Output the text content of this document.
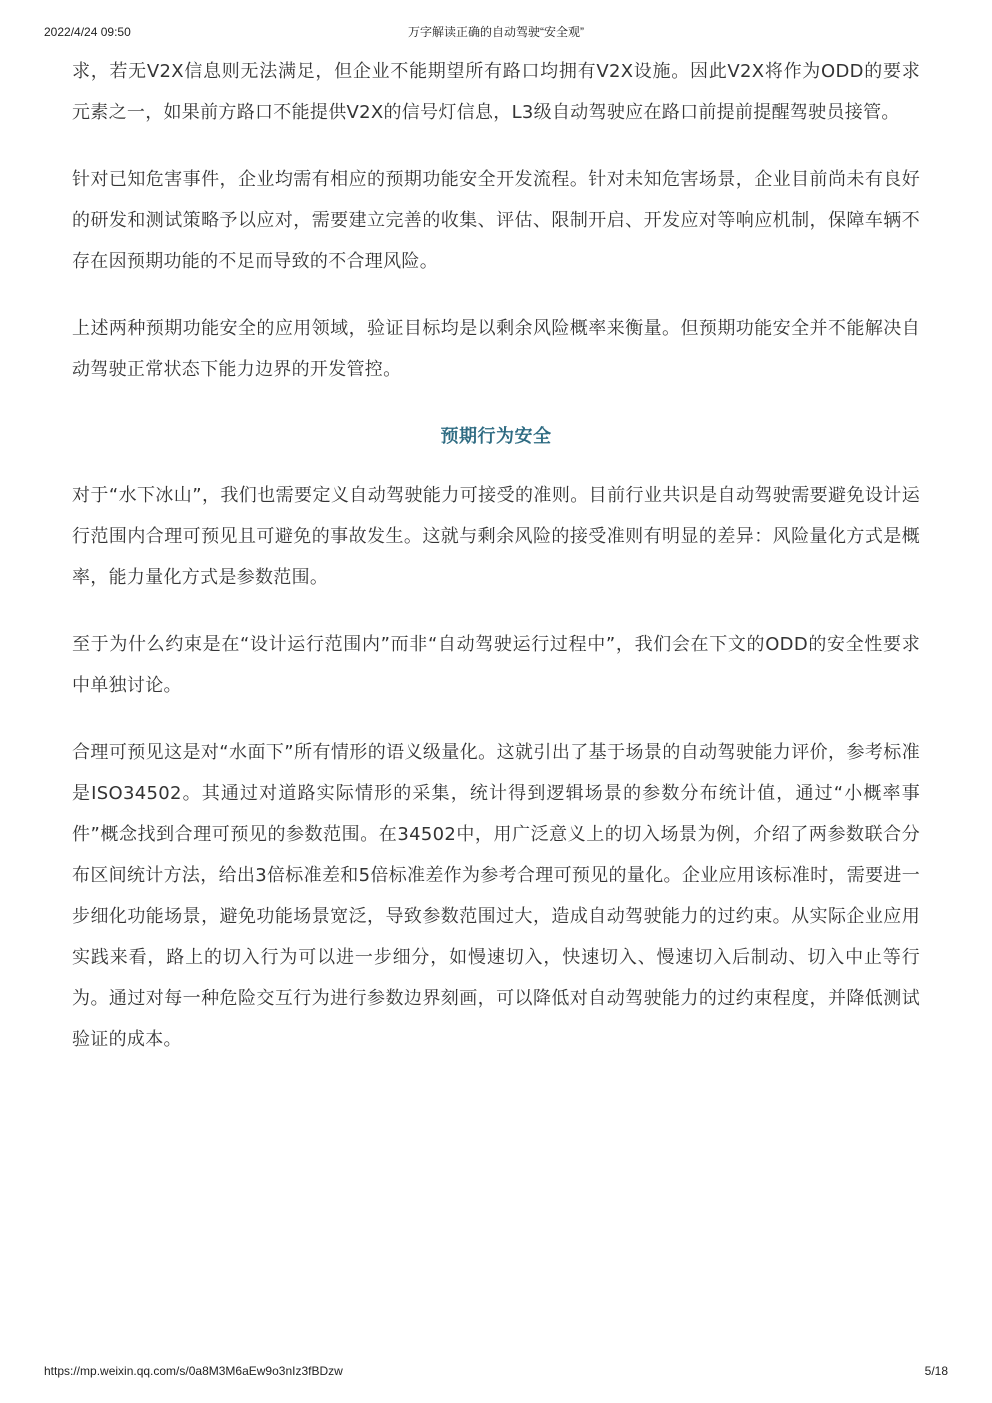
2022/4/24 09:50	万字解读正确的自动驾驶“安全观”

求，若无V2X信息则无法满足，但企业不能期望所有路口均拥有V2X设施。因此V2X将作为ODD的要求元素之一，如果前方路口不能提供V2X的信号灯信息，L3级自动驾驶应在路口前提前提醒驾驶员接管。

针对已知危害事件，企业均需有相应的预期功能安全开发流程。针对未知危害场景，企业目前尚未有良好的研发和测试策略予以应对，需要建立完善的收集、评估、限制开启、开发应对等响应机制，保障车辆不存在因预期功能的不足而导致的不合理风险。

上述两种预期功能安全的应用领域，验证目标均是以剩余风险概率来衡量。但预期功能安全并不能解决自动驾驶正常状态下能力边界的开发管控。

预期行为安全

对于“水下冰山”，我们也需要定义自动驾驶能力可接受的准则。目前行业共识是自动驾驶需要避免设计运行范围内合理可预见且可避免的事故发生。这就与剩余风险的接受准则有明显的差异：风险量化方式是概率，能力量化方式是参数范围。

至于为什么约束是在“设计运行范围内”而非“自动驾驶运行过程中”，我们会在下文的ODD的安全性要求中单独讨论。

合理可预见这是对“水面下”所有情形的语义级量化。这就引出了基于场景的自动驾驶能力评价，参考标准是ISO34502。其通过对道路实际情形的采集，统计得到逻辑场景的参数分布统计值，通过“小概率事件”概念找到合理可预见的参数范围。在34502中，用广泛意义上的切入场景为例，介绍了两参数联合分布区间统计方法，给出3倍标准差和5倍标准差作为参考合理可预见的量化。企业应用该标准时，需要进一步细化功能场景，避免功能场景宽泛，导致参数范围过大，造成自动驾驶能力的过约束。从实际企业应用实践来看，路上的切入行为可以进一步细分，如慢速切入，快速切入、慢速切入后制动、切入中止等行为。通过对每一种危险交互行为进行参数边界刻画，可以降低对自动驾驶能力的过约束程度，并降低测试验证的成本。

https://mp.weixin.qq.com/s/0a8M3M6aEw9o3nIz3fBDzw	5/18
